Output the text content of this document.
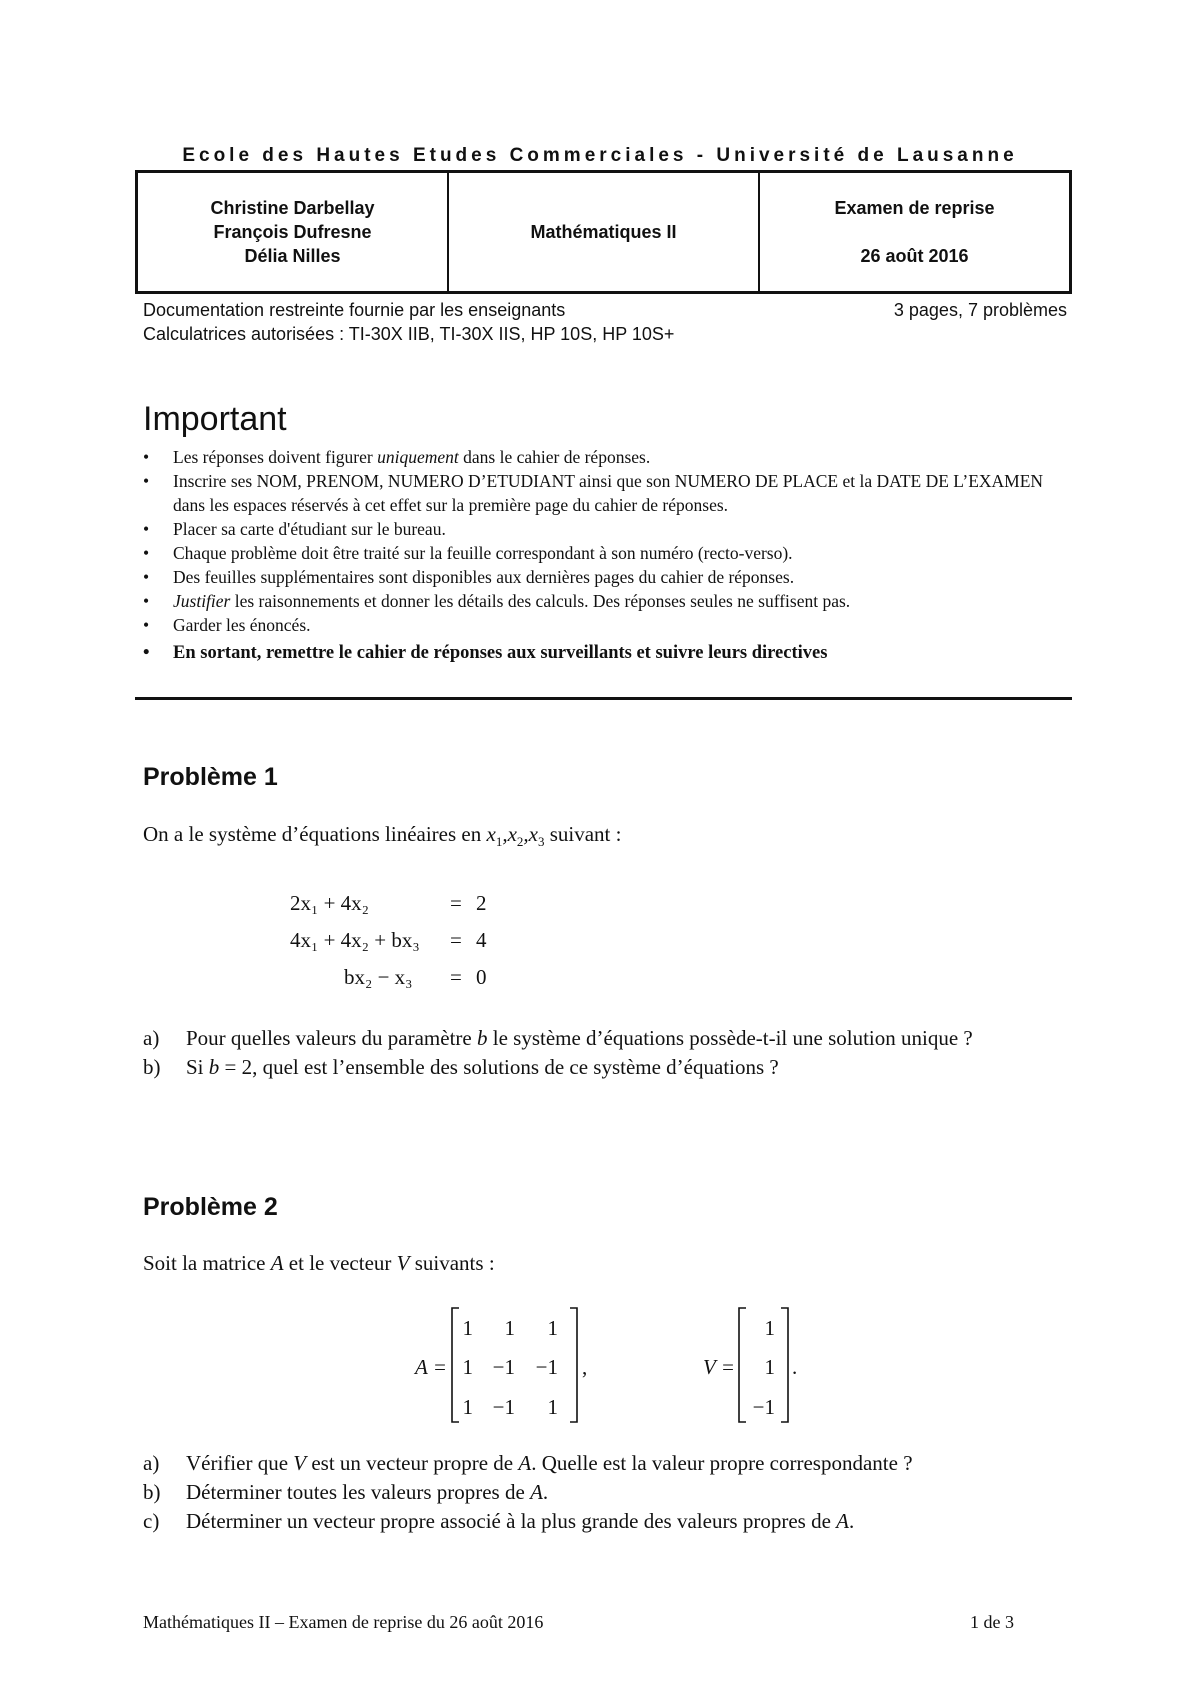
Ecole des Hautes Etudes Commerciales - Université de Lausanne
Christine Darbellay
François Dufresne
Délia Nilles
Mathématiques II
Examen de reprise
26 août 2016
Documentation restreinte fournie par les enseignants
Calculatrices autorisées : TI-30X IIB, TI-30X IIS, HP 10S, HP 10S+
3 pages, 7 problèmes
Important
•	Les réponses doivent figurer uniquement dans le cahier de réponses.
•	Inscrire ses NOM, PRENOM, NUMERO D’ETUDIANT ainsi que son NUMERO DE PLACE et la DATE DE L’EXAMEN dans les espaces réservés à cet effet sur la première page du cahier de réponses.
•	Placer sa carte d'étudiant sur le bureau.
•	Chaque problème doit être traité sur la feuille correspondant à son numéro (recto-verso).
•	Des feuilles supplémentaires sont disponibles aux dernières pages du cahier de réponses.
•	Justifier les raisonnements et donner les détails des calculs. Des réponses seules ne suffisent pas.
•	Garder les énoncés.
•	En sortant, remettre le cahier de réponses aux surveillants et suivre leurs directives
Problème 1
On a le système d’équations linéaires en $x_1,x_2,x_3$ suivant :
2x₁ + 4x₂	= 2
4x₁ + 4x₂ + bx₃ = 4
bx₂ − x₃ = 0
a) Pour quelles valeurs du paramètre b le système d’équations possède-t-il une solution unique ?
b) Si b = 2, quel est l’ensemble des solutions de ce système d’équations ?
Problème 2
Soit la matrice A et le vecteur V suivants :
A =
1 1 1
1 −1 −1
1 −1 1
,	V =
1
1
−1
.
a) Vérifier que V est un vecteur propre de A. Quelle est la valeur propre correspondante ?
b) Déterminer toutes les valeurs propres de A.
c) Déterminer un vecteur propre associé à la plus grande des valeurs propres de A.
Mathématiques II – Examen de reprise du 26 août 2016	1 de 3
